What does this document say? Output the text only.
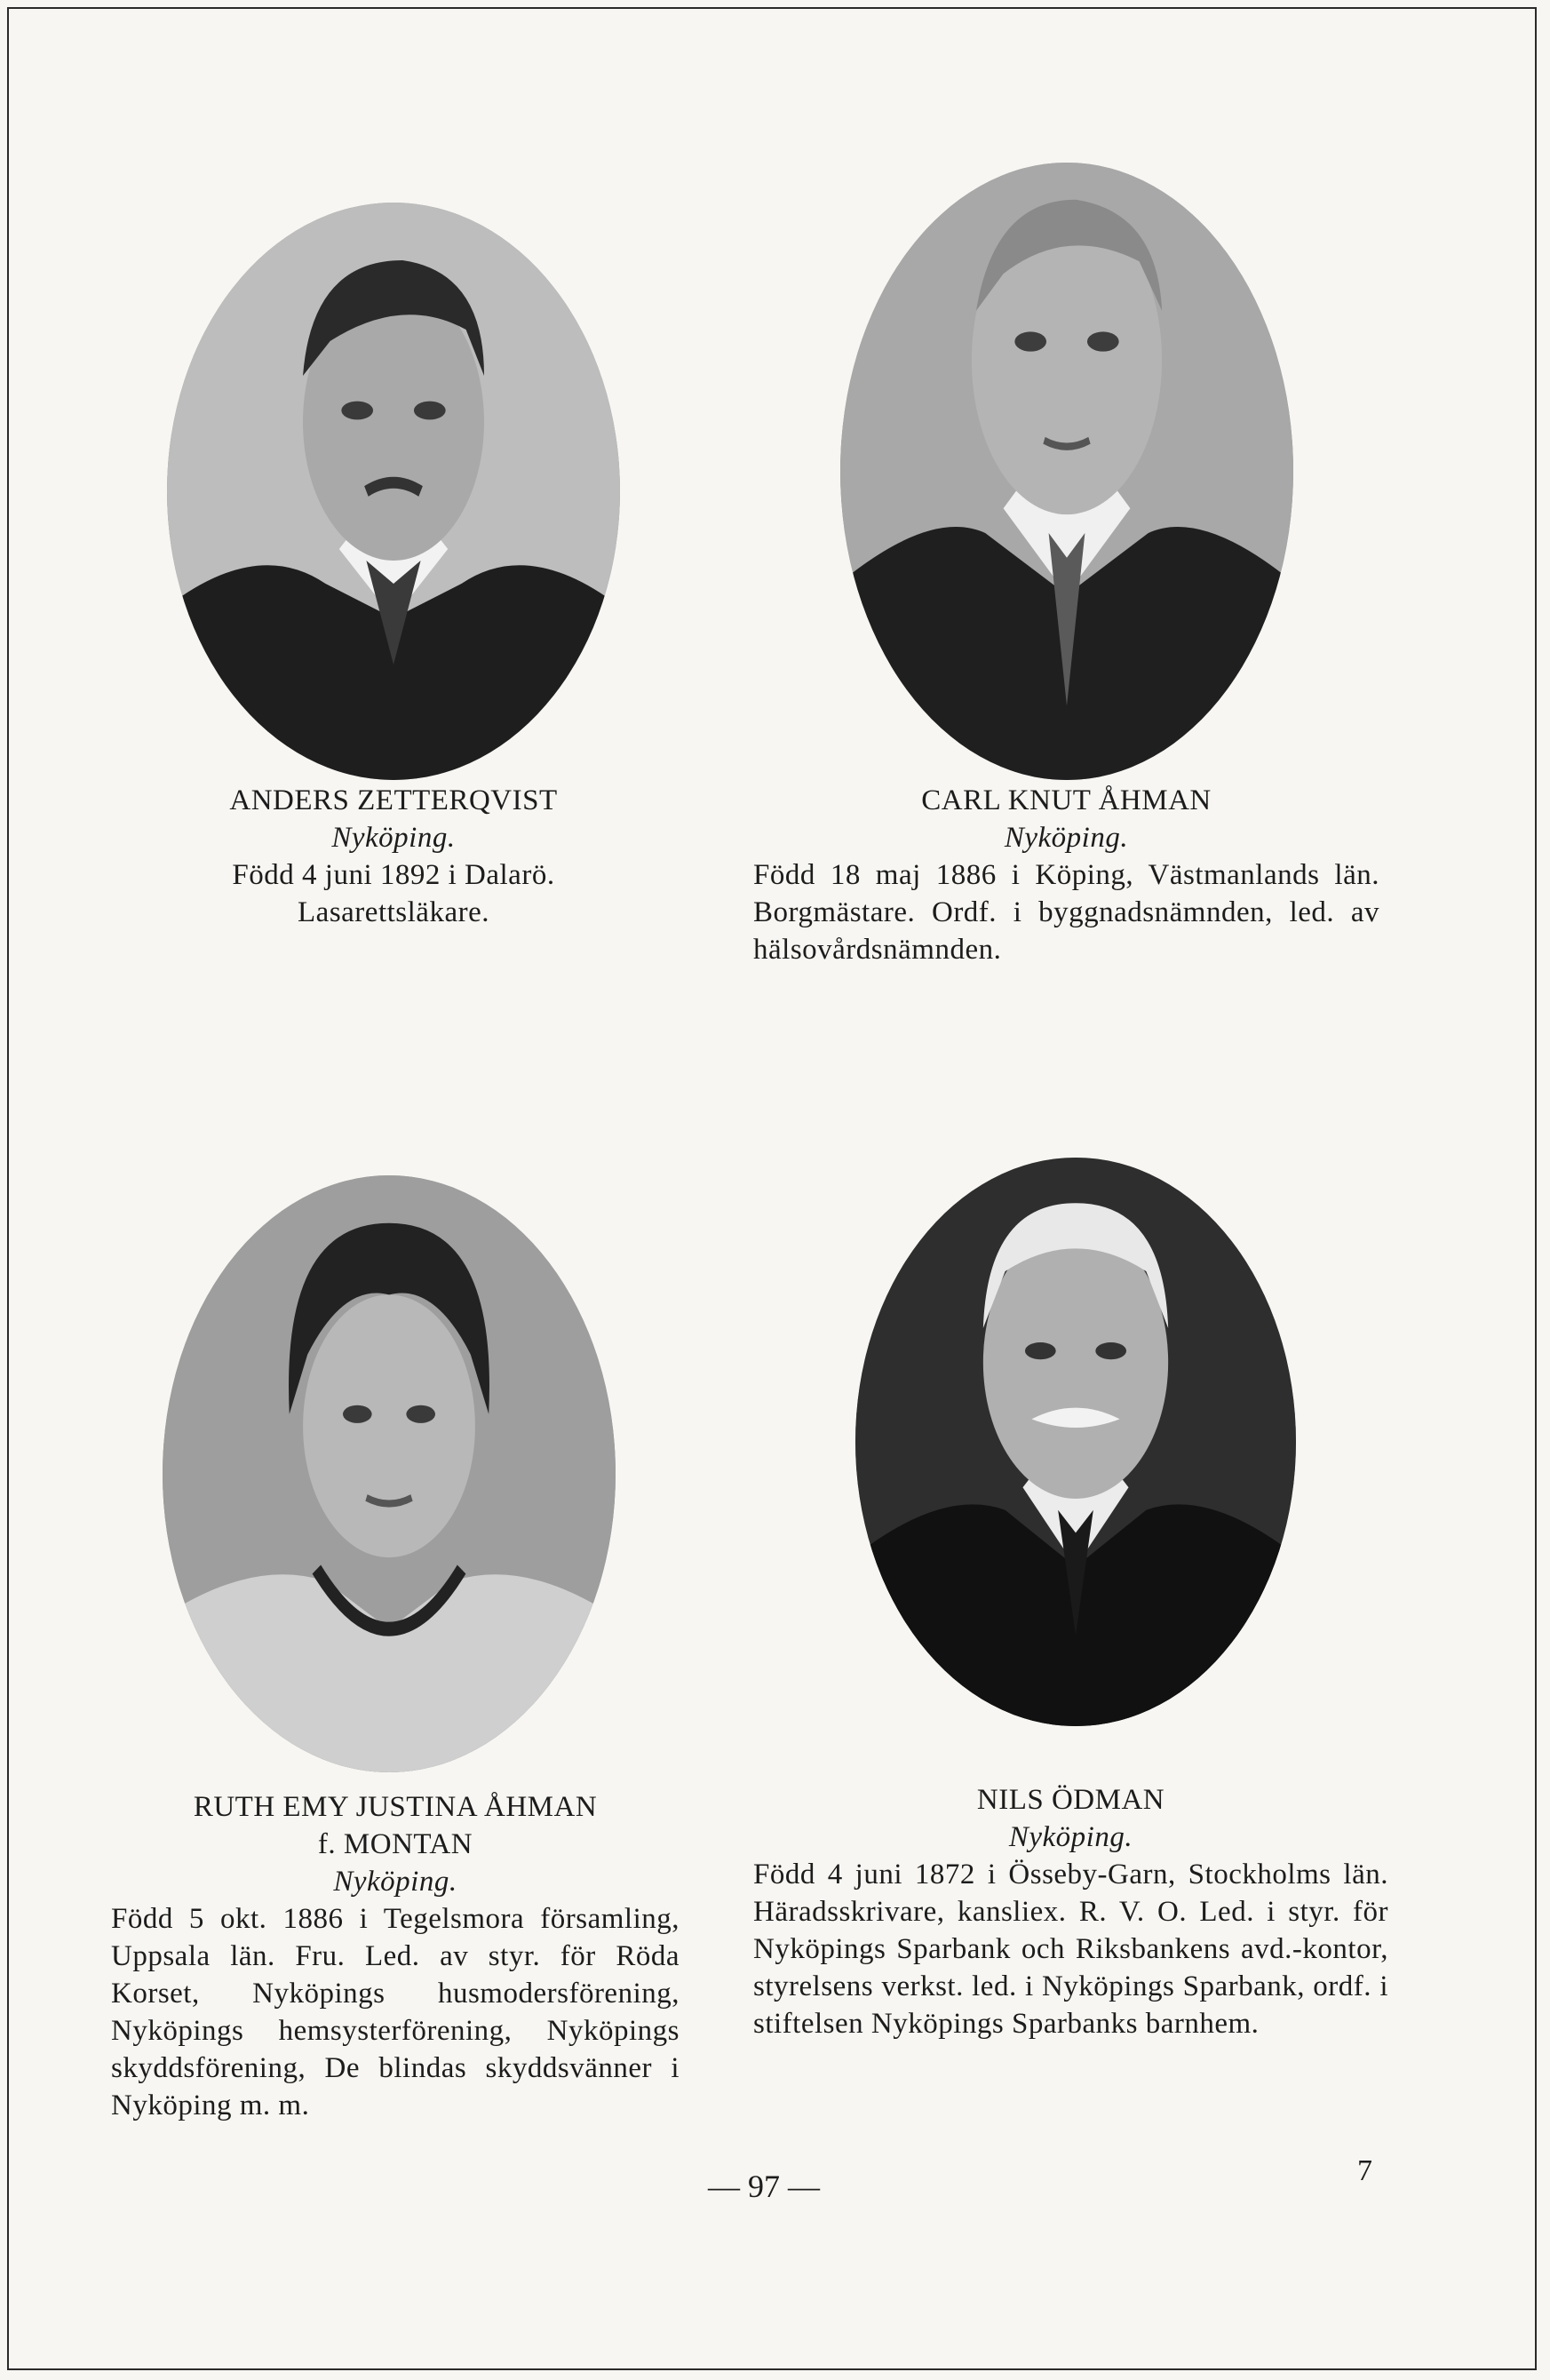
ANDERS ZETTERQVIST
Nyköping.
Född 4 juni 1892 i Dalarö. Lasarettsläkare.
CARL KNUT ÅHMAN
Nyköping.
Född 18 maj 1886 i Köping, Västmanlands län. Borgmästare. Ordf. i byggnadsnämnden, led. av hälsovårdsnämnden.
RUTH EMY JUSTINA ÅHMAN
f. MONTAN
Nyköping.
Född 5 okt. 1886 i Tegelsmora församling, Uppsala län. Fru. Led. av styr. för Röda Korset, Nyköpings husmodersförening, Nyköpings hemsysterförening, Nyköpings skyddsförening, De blindas skyddsvänner i Nyköping m. m.
NILS ÖDMAN
Nyköping.
Född 4 juni 1872 i Össeby-Garn, Stockholms län. Häradsskrivare, kansliex. R. V. O. Led. i styr. för Nyköpings Sparbank och Riksbankens avd.-kontor, styrelsens verkst. led. i Nyköpings Sparbank, ordf. i stiftelsen Nyköpings Sparbanks barnhem.
— 97 —	7
